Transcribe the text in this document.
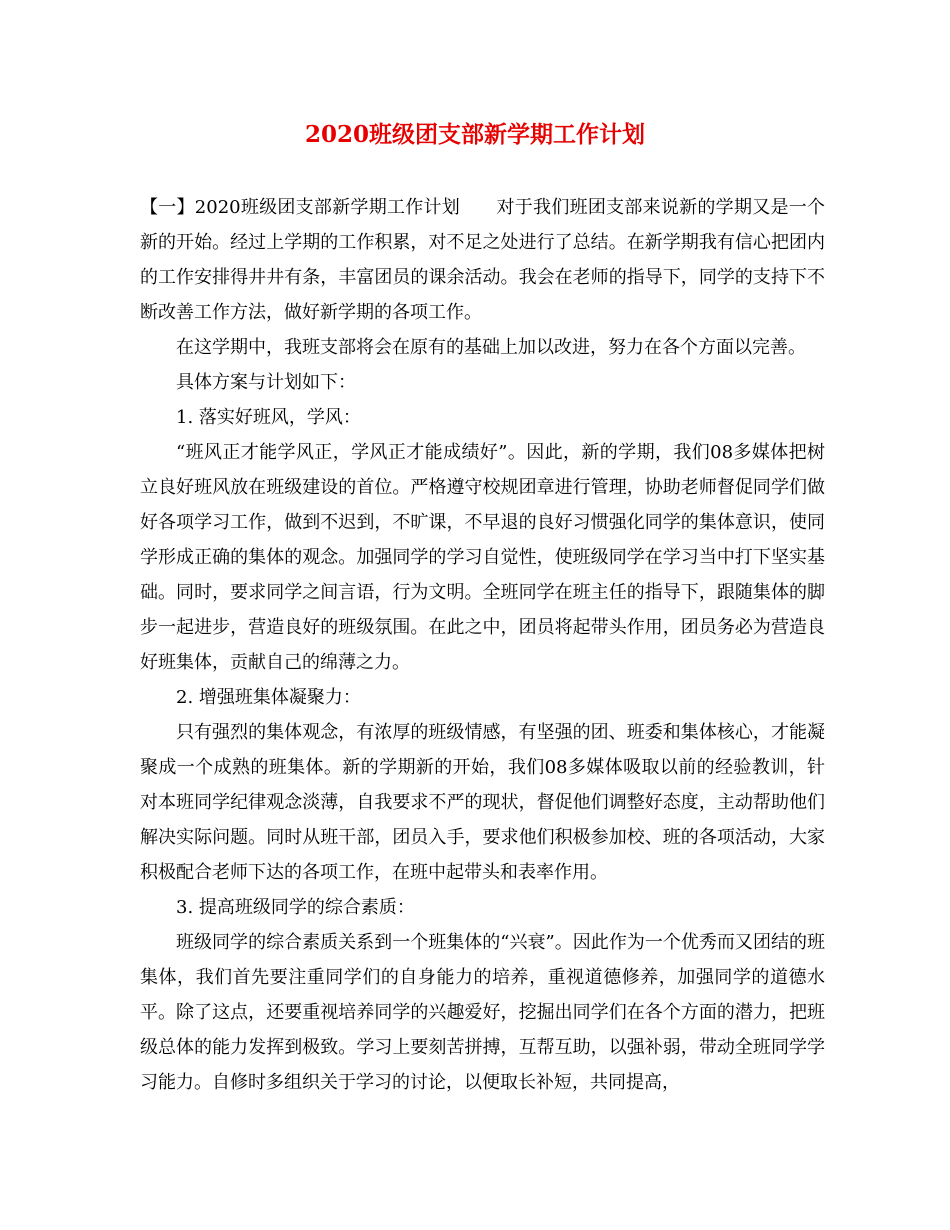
2020班级团支部新学期工作计划

【一】2020班级团支部新学期工作计划　　对于我们班团支部来说新的学期又是一个新的开始。经过上学期的工作积累，对不足之处进行了总结。在新学期我有信心把团内的工作安排得井井有条，丰富团员的课余活动。我会在老师的指导下，同学的支持下不断改善工作方法，做好新学期的各项工作。

在这学期中，我班支部将会在原有的基础上加以改进，努力在各个方面以完善。

具体方案与计划如下：

1. 落实好班风，学风：

“班风正才能学风正，学风正才能成绩好”。因此，新的学期，我们08多媒体把树立良好班风放在班级建设的首位。严格遵守校规团章进行管理，协助老师督促同学们做好各项学习工作，做到不迟到，不旷课，不早退的良好习惯强化同学的集体意识，使同学形成正确的集体的观念。加强同学的学习自觉性，使班级同学在学习当中打下坚实基础。同时，要求同学之间言语，行为文明。全班同学在班主任的指导下，跟随集体的脚步一起进步，营造良好的班级氛围。在此之中，团员将起带头作用，团员务必为营造良好班集体，贡献自己的绵薄之力。

2. 增强班集体凝聚力：

只有强烈的集体观念，有浓厚的班级情感，有坚强的团、班委和集体核心，才能凝聚成一个成熟的班集体。新的学期新的开始，我们08多媒体吸取以前的经验教训，针对本班同学纪律观念淡薄，自我要求不严的现状，督促他们调整好态度，主动帮助他们解决实际问题。同时从班干部，团员入手，要求他们积极参加校、班的各项活动，大家积极配合老师下达的各项工作，在班中起带头和表率作用。

3. 提高班级同学的综合素质：

班级同学的综合素质关系到一个班集体的“兴衰”。因此作为一个优秀而又团结的班集体，我们首先要注重同学们的自身能力的培养，重视道德修养，加强同学的道德水平。除了这点，还要重视培养同学的兴趣爱好，挖掘出同学们在各个方面的潜力，把班级总体的能力发挥到极致。学习上要刻苦拼搏，互帮互助，以强补弱，带动全班同学学习能力。自修时多组织关于学习的讨论，以便取长补短，共同提高，
